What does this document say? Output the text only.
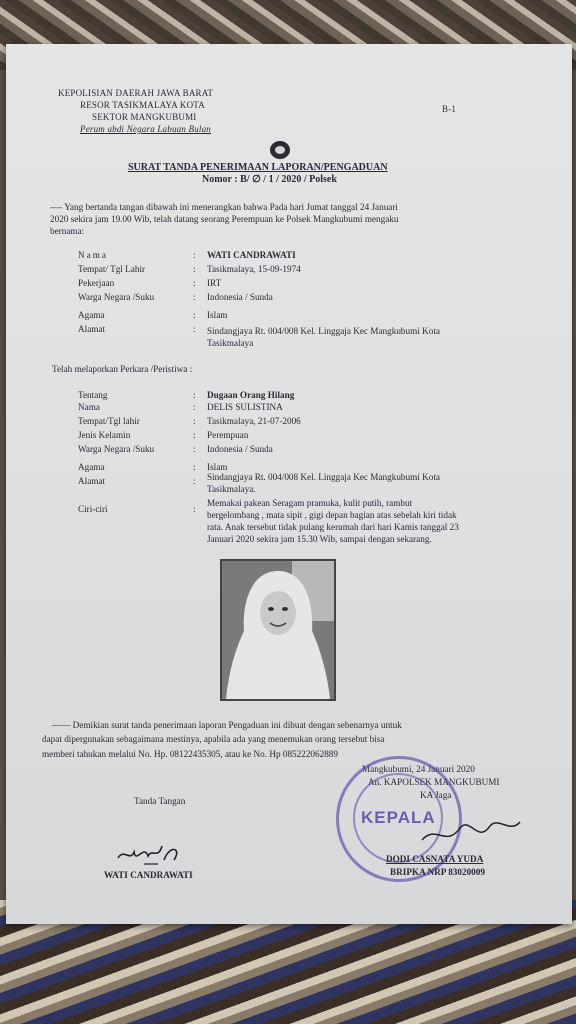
KEPOLISIAN DAERAH JAWA BARAT
RESOR TASIKMALAYA KOTA
SEKTOR MANGKUBUMI
Perum abdi Negara Labuan Bulan
B-1
SURAT TANDA PENERIMAAN LAPORAN/PENGADUAN
Nomor : B/ ∅ / 1 / 2020 / Polsek
---- Yang bertanda tangan dibawah ini menerangkan bahwa Pada hari Jumat tanggal 24 Januari
2020 sekira jam 19.00 Wib, telah datang seorang Perempuan ke Polsek Mangkubumi mengaku
bernama:
Nama	: WATI CANDRAWATI
Tempat/ Tgl Lahir	: Tasikmalaya, 15-09-1974
Pekerjaan	: IRT
Warga Negara /Suku	: Indonesia / Sunda
Agama	: Islam
Alamat	: Sindangjaya Rt. 004/008 Kel. Linggaja Kec Mangkubumi Kota
Tasikmalaya
Telah melaporkan Perkara /Peristiwa :
Tentang	: Dugaan Orang Hilang
Nama	: DELIS SULISTINA
Tempat/Tgl lahir	: Tasikmalaya, 21-07-2006
Jenis Kelamin	: Perempuan
Warga Negara /Suku	: Indonesia / Sunda
Agama	: Islam
Alamat	: Sindangjaya Rt. 004/008 Kel. Linggaja Kec Mangkubumi Kota
Tasikmalaya.
Ciri-ciri	:
Memakai pakean Seragam pramuka, kulit putih, rambut
bergelombang , mata sipit , gigi depan bagian atas sebelah kiri tidak
rata. Anak tersebut tidak pulang kerumah dari hari Kamis tanggal 23
Januari 2020 sekira jam 15.30 Wib, sampai dengan sekarang.
—— Demikian surat tanda penerimaan laporan Pengaduan ini dibuat dengan sebenarnya untuk
dapat dipergunakan sebagaimana mestinya, apabila ada yang menemukan orang tersebut bisa
memberi tahukan melalui No. Hp. 08122435305, atau ke No. Hp 085222062889
Mangkubumi, 24 Januari 2020
An. KAPOLSEK MANGKUBUMI
KA Jaga
Tanda Tangan
WATI CANDRAWATI
KEPALA
DODI CASNATA YUDA
BRIPKA NRP 83020009
